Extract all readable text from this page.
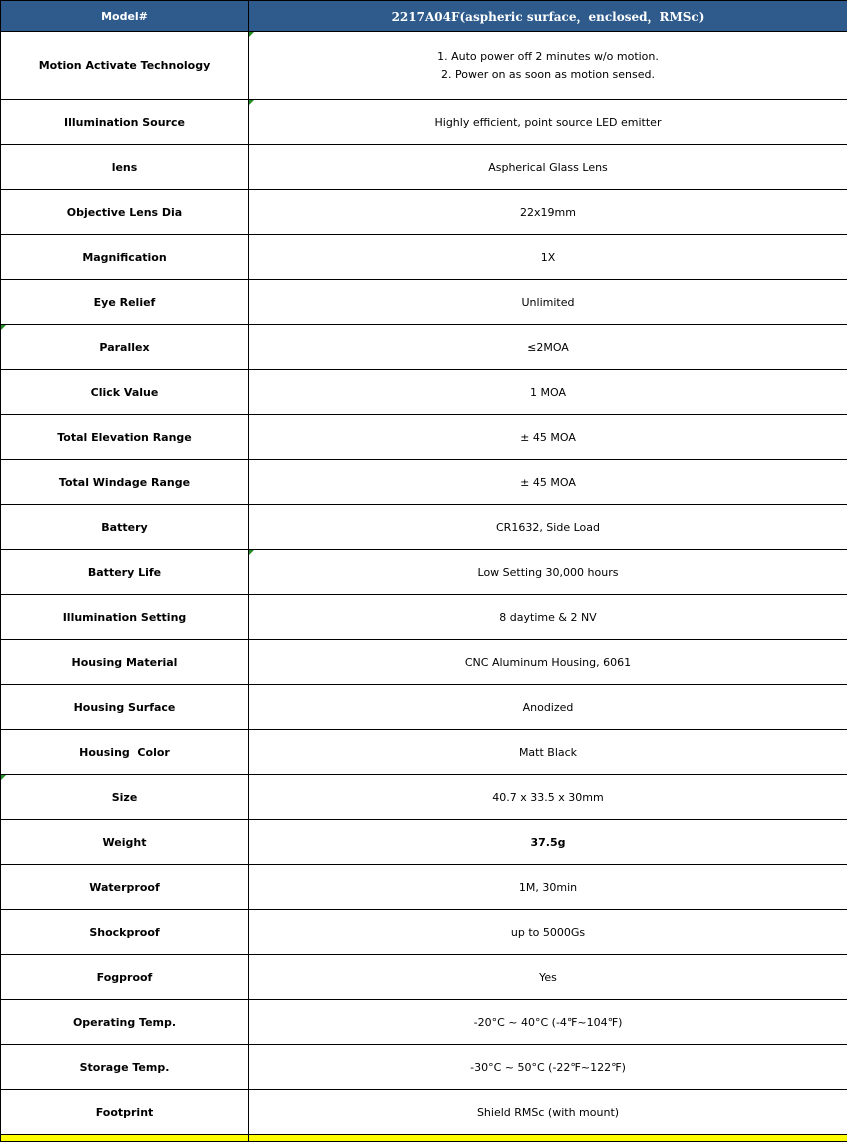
Model#	2217A04F(aspheric surface，enclosed，RMSc)
Motion Activate Technology	1. Auto power off 2 minutes w/o motion.
2. Power on as soon as motion sensed.

Illumination Source	Highly efficient, point source LED emitter
lens	Aspherical Glass Lens
Objective Lens Dia	22x19mm
Magnification	1X
Eye Relief	Unlimited
Parallex	≤2MOA
Click Value	1 MOA
Total Elevation Range	± 45 MOA
Total Windage Range	± 45 MOA
Battery	CR1632, Side Load
Battery Life	Low Setting 30,000 hours
Illumination Setting	8 daytime & 2 NV
Housing Material	CNC Aluminum Housing, 6061
Housing Surface	Anodized
Housing  Color	Matt Black
Size	40.7 x 33.5 x 30mm
Weight	37.5g
Waterproof	1M, 30min
Shockproof	up to 5000Gs
Fogproof	Yes
Operating Temp.	-20°C ~ 40°C (-4℉~104℉)
Storage Temp.	-30°C ~ 50°C (-22℉~122℉)
Footprint	Shield RMSc (with mount)
